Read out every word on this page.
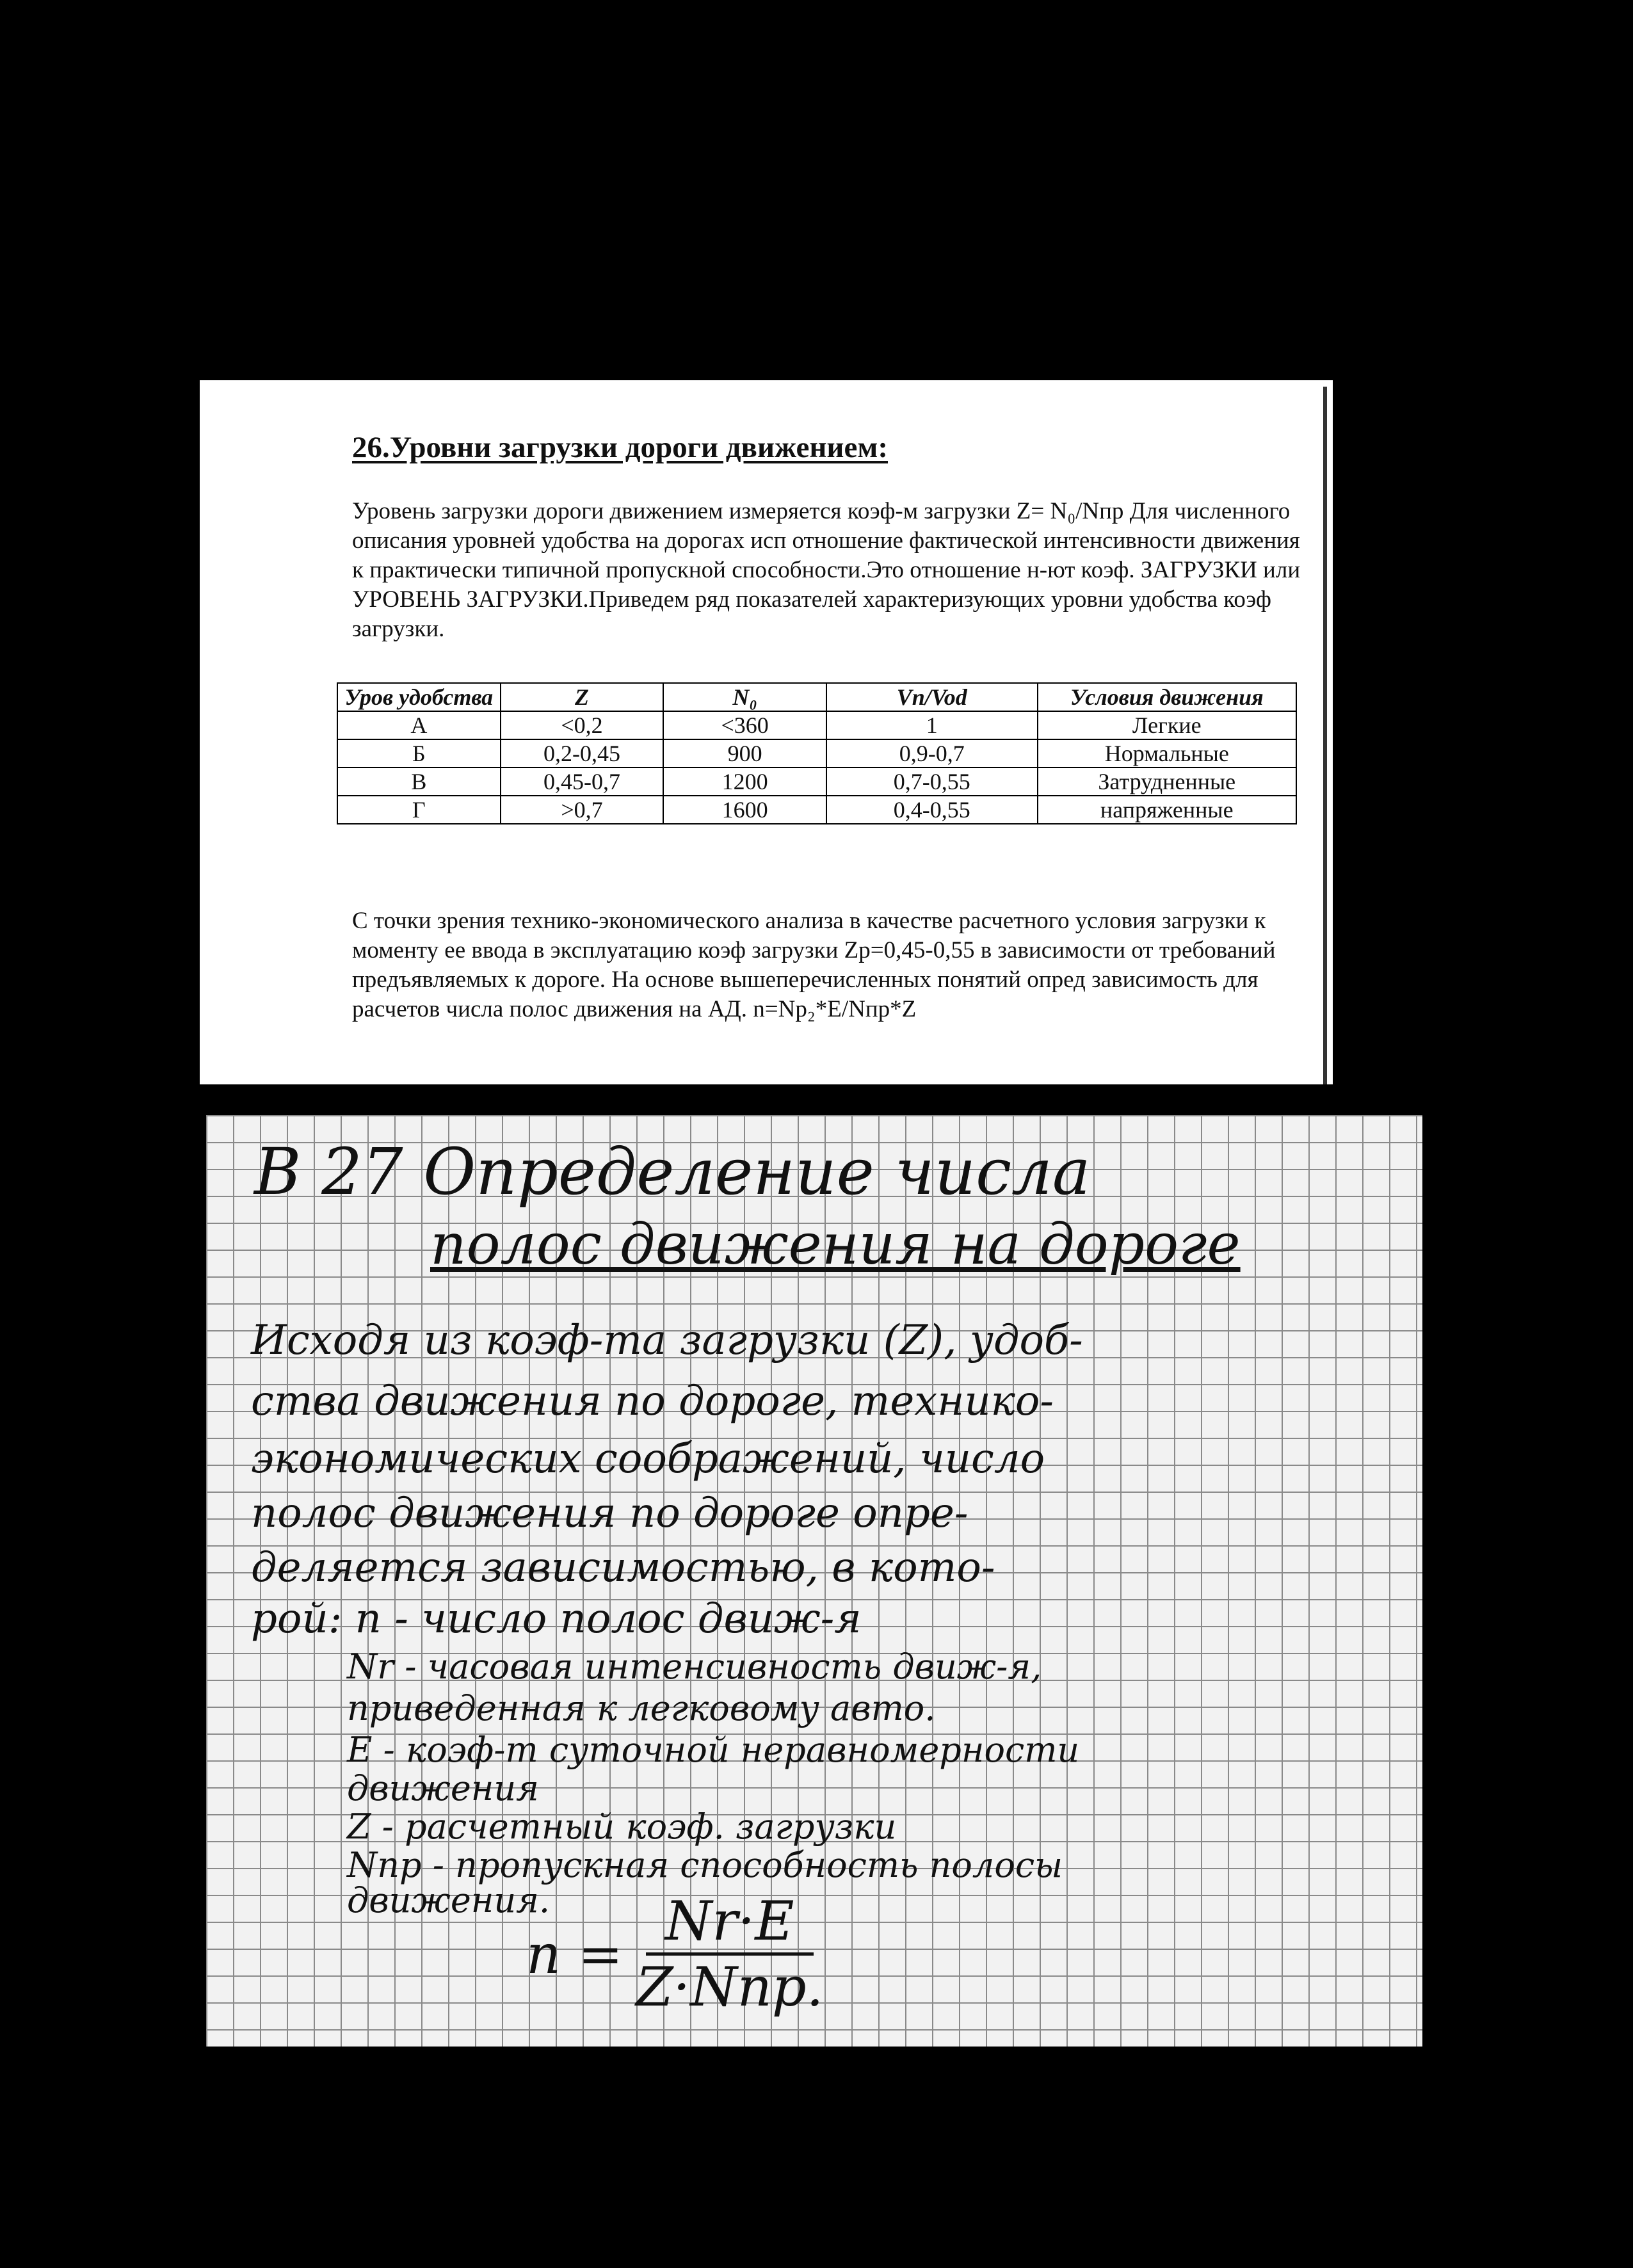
26.Уровни загрузки дороги движением:

Уровень загрузки дороги движением измеряется коэф-м загрузки Z= N₀/Nпр Для численного описания уровней удобства на дорогах исп отношение фактической интенсивности движения к практически типичной пропускной способности.Это отношение н-ют коэф. ЗАГРУЗКИ или УРОВЕНЬ ЗАГРУЗКИ.Приведем ряд показателей характеризующих уровни удобства коэф загрузки.

Уров удобства	Z	N₀	Vn/Vod	Условия движения
А	<0,2	<360	1	Легкие
Б	0,2-0,45	900	0,9-0,7	Нормальные
В	0,45-0,7	1200	0,7-0,55	Затрудненные
Г	>0,7	1600	0,4-0,55	напряженные

С точки зрения технико-экономического анализа в качестве расчетного условия загрузки к моменту ее ввода в эксплуатацию коэф загрузки Zр=0,45-0,55 в зависимости от требований предъявляемых к дороге. На основе вышеперечисленных понятий опред зависимость для расчетов числа полос движения на АД. n=Nр₂*E/Nпр*Z

В 27 Определение числа

полос движения на дороге

Исходя из коэф-та загрузки (Z), удоб-

ства движения по дороге, технико-

экономических соображений, число

полос движения по дороге опре-

деляется зависимостью, в кото-

рой: n - число полос движ-я

Nr - часовая интенсивность движ-я,

приведенная к легковому авто.

E - коэф-т суточной неравномерности

движения

Z - расчетный коэф. загрузки

Nпр - пропускная способность полосы

движения.

$n = \frac{Nr\cdot E}{\text{Z·Nпр.}}$
